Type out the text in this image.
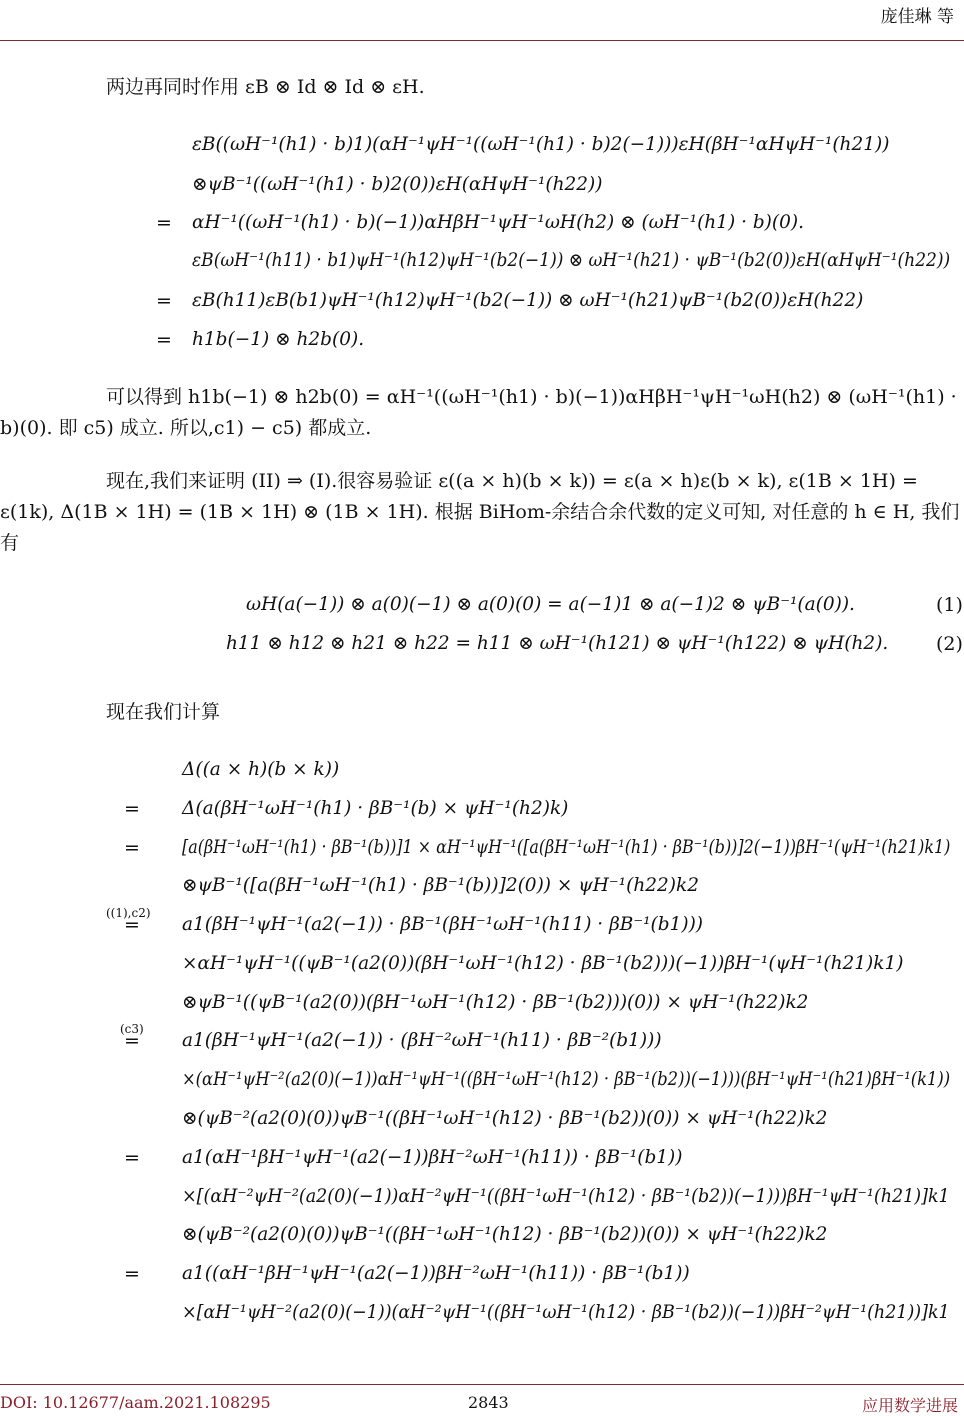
庞佳琳 等
两边再同时作用 εB ⊗ Id ⊗ Id ⊗ εH.
εB((ωH⁻¹(h1) · b)1)(αH⁻¹ψH⁻¹((ωH⁻¹(h1) · b)2(−1)))εH(βH⁻¹αHψH⁻¹(h21))
⊗ψB⁻¹((ωH⁻¹(h1) · b)2(0))εH(αHψH⁻¹(h22))
= αH⁻¹((ωH⁻¹(h1) · b)(−1))αHβH⁻¹ψH⁻¹ωH(h2) ⊗ (ωH⁻¹(h1) · b)(0).
εB(ωH⁻¹(h11) · b1)ψH⁻¹(h12)ψH⁻¹(b2(−1)) ⊗ ωH⁻¹(h21) · ψB⁻¹(b2(0))εH(αHψH⁻¹(h22))
= εB(h11)εB(b1)ψH⁻¹(h12)ψH⁻¹(b2(−1)) ⊗ ωH⁻¹(h21)ψB⁻¹(b2(0))εH(h22)
= h1b(−1) ⊗ h2b(0).
可以得到 h1b(−1) ⊗ h2b(0) = αH⁻¹((ωH⁻¹(h1) · b)(−1))αHβH⁻¹ψH⁻¹ωH(h2) ⊗ (ωH⁻¹(h1) · b)(0). 即 c5) 成立. 所以,c1) − c5) 都成立.
现在,我们来证明 (II) ⇒ (I).很容易验证 ε((a × h)(b × k)) = ε(a × h)ε(b × k), ε(1B × 1H) = ε(1k), Δ(1B × 1H) = (1B × 1H) ⊗ (1B × 1H). 根据 BiHom-余结合余代数的定义可知, 对任意的 h ∈ H, 我们有
ωH(a(−1)) ⊗ a(0)(−1) ⊗ a(0)(0) = a(−1)1 ⊗ a(−1)2 ⊗ ψB⁻¹(a(0)).	(1)
h11 ⊗ h12 ⊗ h21 ⊗ h22 = h11 ⊗ ωH⁻¹(h121) ⊗ ψH⁻¹(h122) ⊗ ψH(h2).	(2)
现在我们计算
Δ((a × h)(b × k))
= Δ(a(βH⁻¹ωH⁻¹(h1) · βB⁻¹(b) × ψH⁻¹(h2)k)
= [a(βH⁻¹ωH⁻¹(h1) · βB⁻¹(b))]1 × αH⁻¹ψH⁻¹([a(βH⁻¹ωH⁻¹(h1) · βB⁻¹(b))]2(−1))βH⁻¹(ψH⁻¹(h21)k1)
⊗ψB⁻¹([a(βH⁻¹ωH⁻¹(h1) · βB⁻¹(b))]2(0)) × ψH⁻¹(h22)k2
((1),c2)
= a1(βH⁻¹ψH⁻¹(a2(−1)) · βB⁻¹(βH⁻¹ωH⁻¹(h11) · βB⁻¹(b1)))
×αH⁻¹ψH⁻¹((ψB⁻¹(a2(0))(βH⁻¹ωH⁻¹(h12) · βB⁻¹(b2)))(−1))βH⁻¹(ψH⁻¹(h21)k1)
⊗ψB⁻¹((ψB⁻¹(a2(0))(βH⁻¹ωH⁻¹(h12) · βB⁻¹(b2)))(0)) × ψH⁻¹(h22)k2
(c3)
= a1(βH⁻¹ψH⁻¹(a2(−1)) · (βH⁻²ωH⁻¹(h11) · βB⁻²(b1)))
×(αH⁻¹ψH⁻²(a2(0)(−1))αH⁻¹ψH⁻¹((βH⁻¹ωH⁻¹(h12) · βB⁻¹(b2))(−1)))(βH⁻¹ψH⁻¹(h21)βH⁻¹(k1))
⊗(ψB⁻²(a2(0)(0))ψB⁻¹((βH⁻¹ωH⁻¹(h12) · βB⁻¹(b2))(0)) × ψH⁻¹(h22)k2
= a1(αH⁻¹βH⁻¹ψH⁻¹(a2(−1))βH⁻²ωH⁻¹(h11)) · βB⁻¹(b1))
×[(αH⁻²ψH⁻²(a2(0)(−1))αH⁻²ψH⁻¹((βH⁻¹ωH⁻¹(h12) · βB⁻¹(b2))(−1)))βH⁻¹ψH⁻¹(h21)]k1
⊗(ψB⁻²(a2(0)(0))ψB⁻¹((βH⁻¹ωH⁻¹(h12) · βB⁻¹(b2))(0)) × ψH⁻¹(h22)k2
= a1((αH⁻¹βH⁻¹ψH⁻¹(a2(−1))βH⁻²ωH⁻¹(h11)) · βB⁻¹(b1))
×[αH⁻¹ψH⁻²(a2(0)(−1))(αH⁻²ψH⁻¹((βH⁻¹ωH⁻¹(h12) · βB⁻¹(b2))(−1))βH⁻²ψH⁻¹(h21))]k1
DOI: 10.12677/aam.2021.108295	2843	应用数学进展
